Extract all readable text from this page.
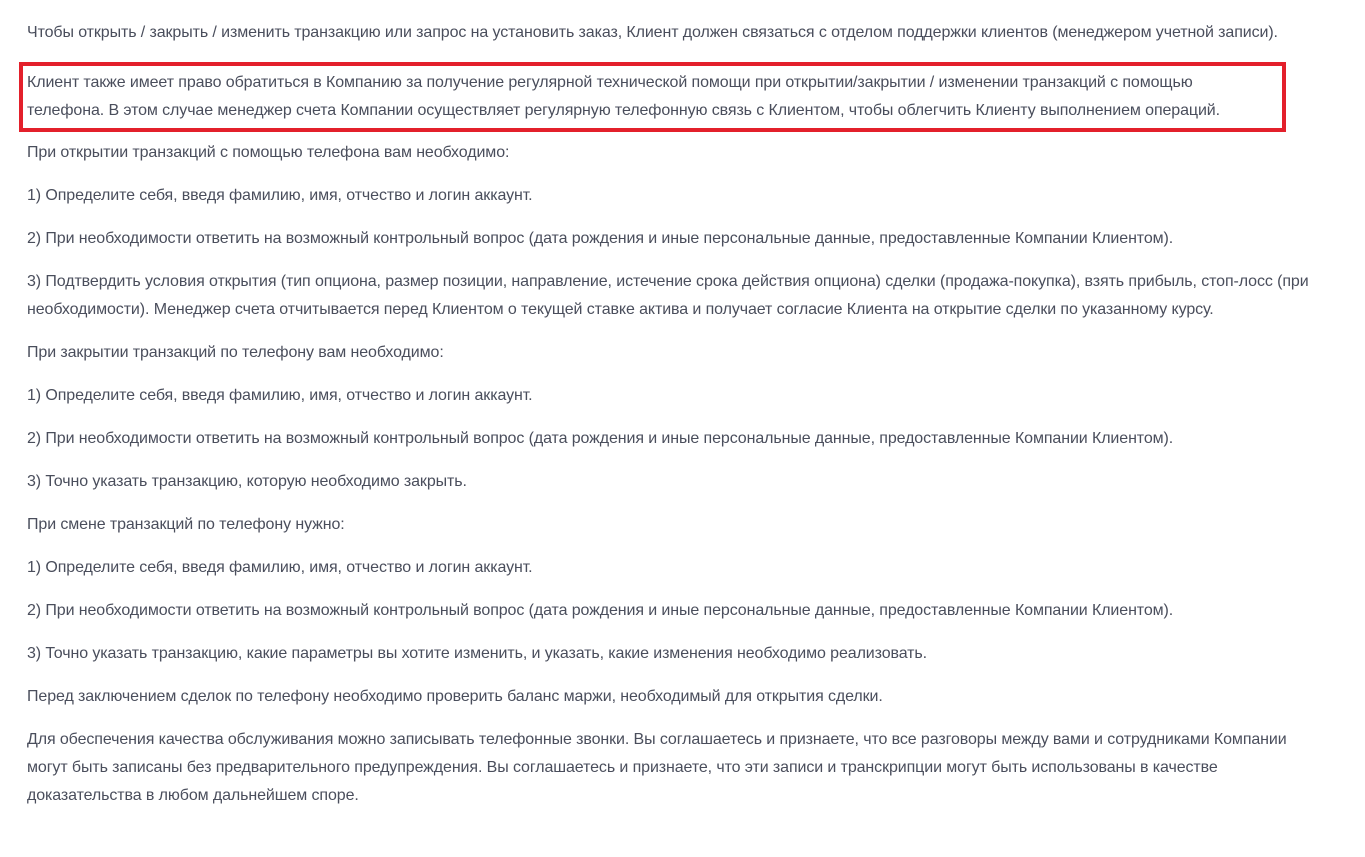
Чтобы открыть / закрыть / изменить транзакцию или запрос на установить заказ, Клиент должен связаться с отделом поддержки клиентов (менеджером учетной записи).

Клиент также имеет право обратиться в Компанию за получение регулярной технической помощи при открытии/закрытии / изменении транзакций с помощью телефона. В этом случае менеджер счета Компании осуществляет регулярную телефонную связь с Клиентом, чтобы облегчить Клиенту выполнением операций.

При открытии транзакций с помощью телефона вам необходимо:

1) Определите себя, введя фамилию, имя, отчество и логин аккаунт.

2) При необходимости ответить на возможный контрольный вопрос (дата рождения и иные персональные данные, предоставленные Компании Клиентом).

3) Подтвердить условия открытия (тип опциона, размер позиции, направление, истечение срока действия опциона) сделки (продажа-покупка), взять прибыль, стоп-лосс (при необходимости). Менеджер счета отчитывается перед Клиентом о текущей ставке актива и получает согласие Клиента на открытие сделки по указанному курсу.

При закрытии транзакций по телефону вам необходимо:

1) Определите себя, введя фамилию, имя, отчество и логин аккаунт.

2) При необходимости ответить на возможный контрольный вопрос (дата рождения и иные персональные данные, предоставленные Компании Клиентом).

3) Точно указать транзакцию, которую необходимо закрыть.

При смене транзакций по телефону нужно:

1) Определите себя, введя фамилию, имя, отчество и логин аккаунт.

2) При необходимости ответить на возможный контрольный вопрос (дата рождения и иные персональные данные, предоставленные Компании Клиентом).

3) Точно указать транзакцию, какие параметры вы хотите изменить, и указать, какие изменения необходимо реализовать.

Перед заключением сделок по телефону необходимо проверить баланс маржи, необходимый для открытия сделки.

Для обеспечения качества обслуживания можно записывать телефонные звонки. Вы соглашаетесь и признаете, что все разговоры между вами и сотрудниками Компании могут быть записаны без предварительного предупреждения. Вы соглашаетесь и признаете, что эти записи и транскрипции могут быть использованы в качестве доказательства в любом дальнейшем споре.
